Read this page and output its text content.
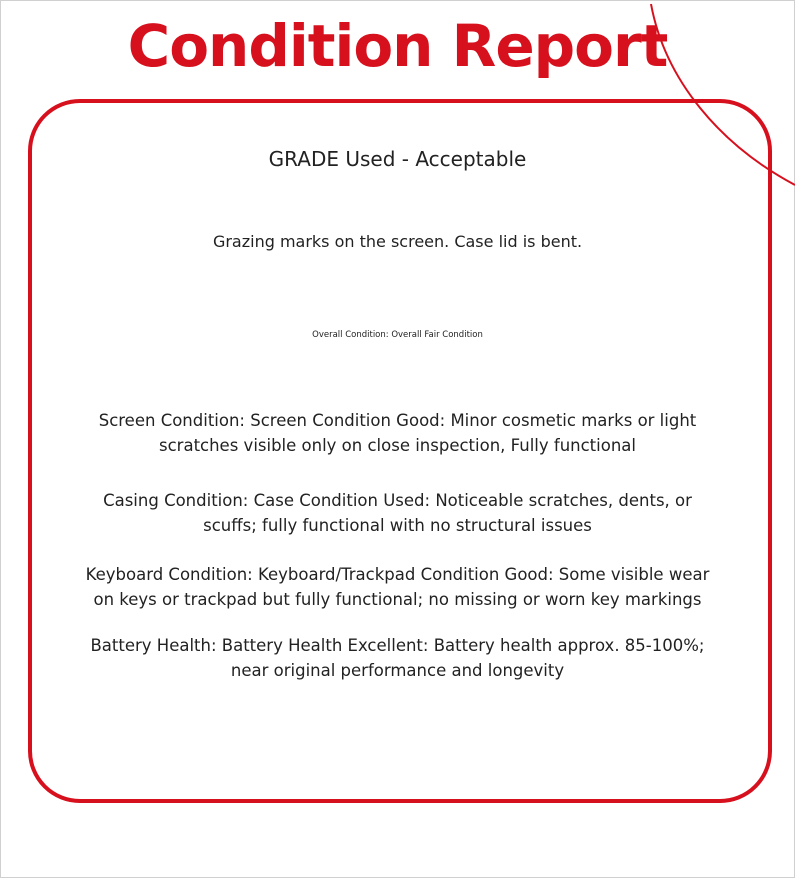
Condition Report
GRADE Used - Acceptable
Grazing marks on the screen. Case lid is bent.
Overall Condition: Overall Fair Condition
Screen Condition: Screen Condition Good: Minor cosmetic marks or light
scratches visible only on close inspection, Fully functional
Casing Condition: Case Condition Used: Noticeable scratches, dents, or
scuffs; fully functional with no structural issues
Keyboard Condition: Keyboard/Trackpad Condition Good: Some visible wear
on keys or trackpad but fully functional; no missing or worn key markings
Battery Health: Battery Health Excellent: Battery health approx. 85-100%;
near original performance and longevity
